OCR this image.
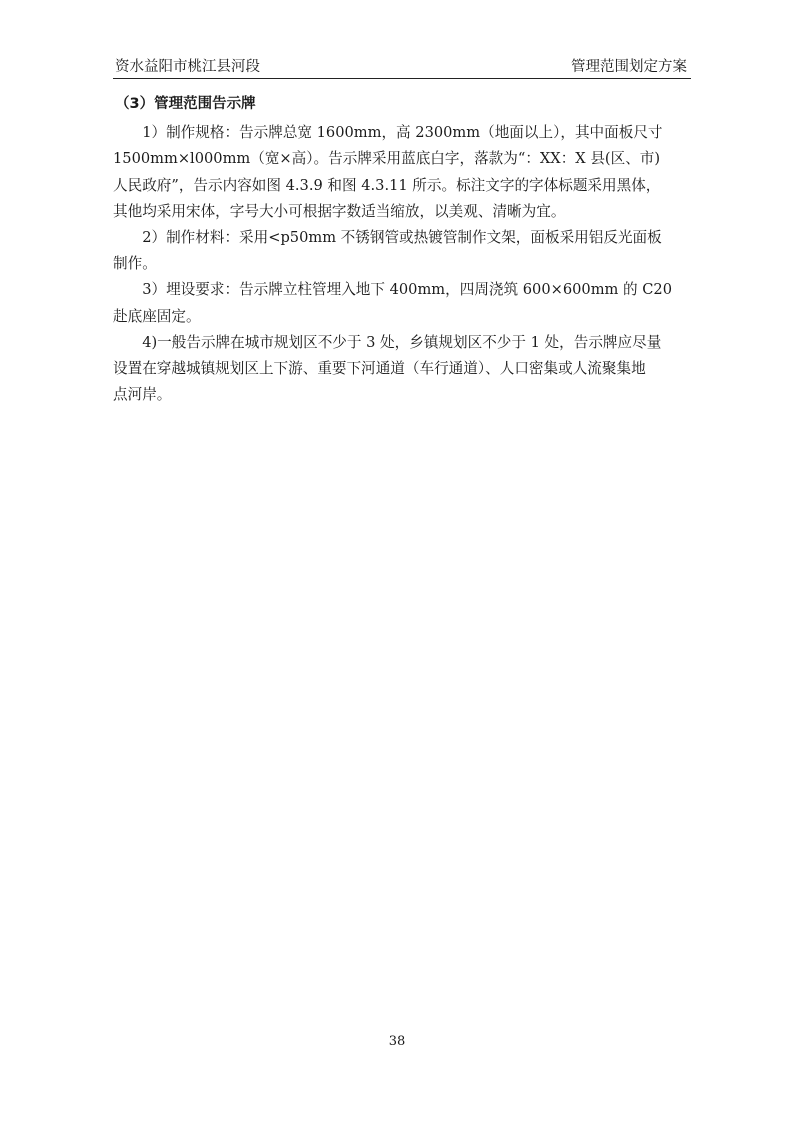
资水益阳市桃江县河段	管理范围划定方案
（3）管理范围告示牌

1）制作规格：告示牌总宽 1600mm，高 2300mm（地面以上），其中面板尺寸
1500mm×l000mm（宽×高）。告示牌采用蓝底白字，落款为“：XX：X 县(区、市)
人民政府”，告示内容如图 4.3.9 和图 4.3.11 所示。标注文字的字体标题采用黑体，
其他均采用宋体，字号大小可根据字数适当缩放，以美观、清晰为宜。

2）制作材料：采用<p50mm 不锈钢管或热镀管制作文架，面板采用铝反光面板
制作。

3）埋设要求：告示牌立柱管埋入地下 400mm，四周浇筑 600×600mm 的 C20
赴底座固定。

4)一般告示牌在城市规划区不少于 3 处，乡镇规划区不少于 1 处，告示牌应尽量
设置在穿越城镇规划区上下游、重要下河通道（车行通道）、人口密集或人流聚集地
点河岸。

38
